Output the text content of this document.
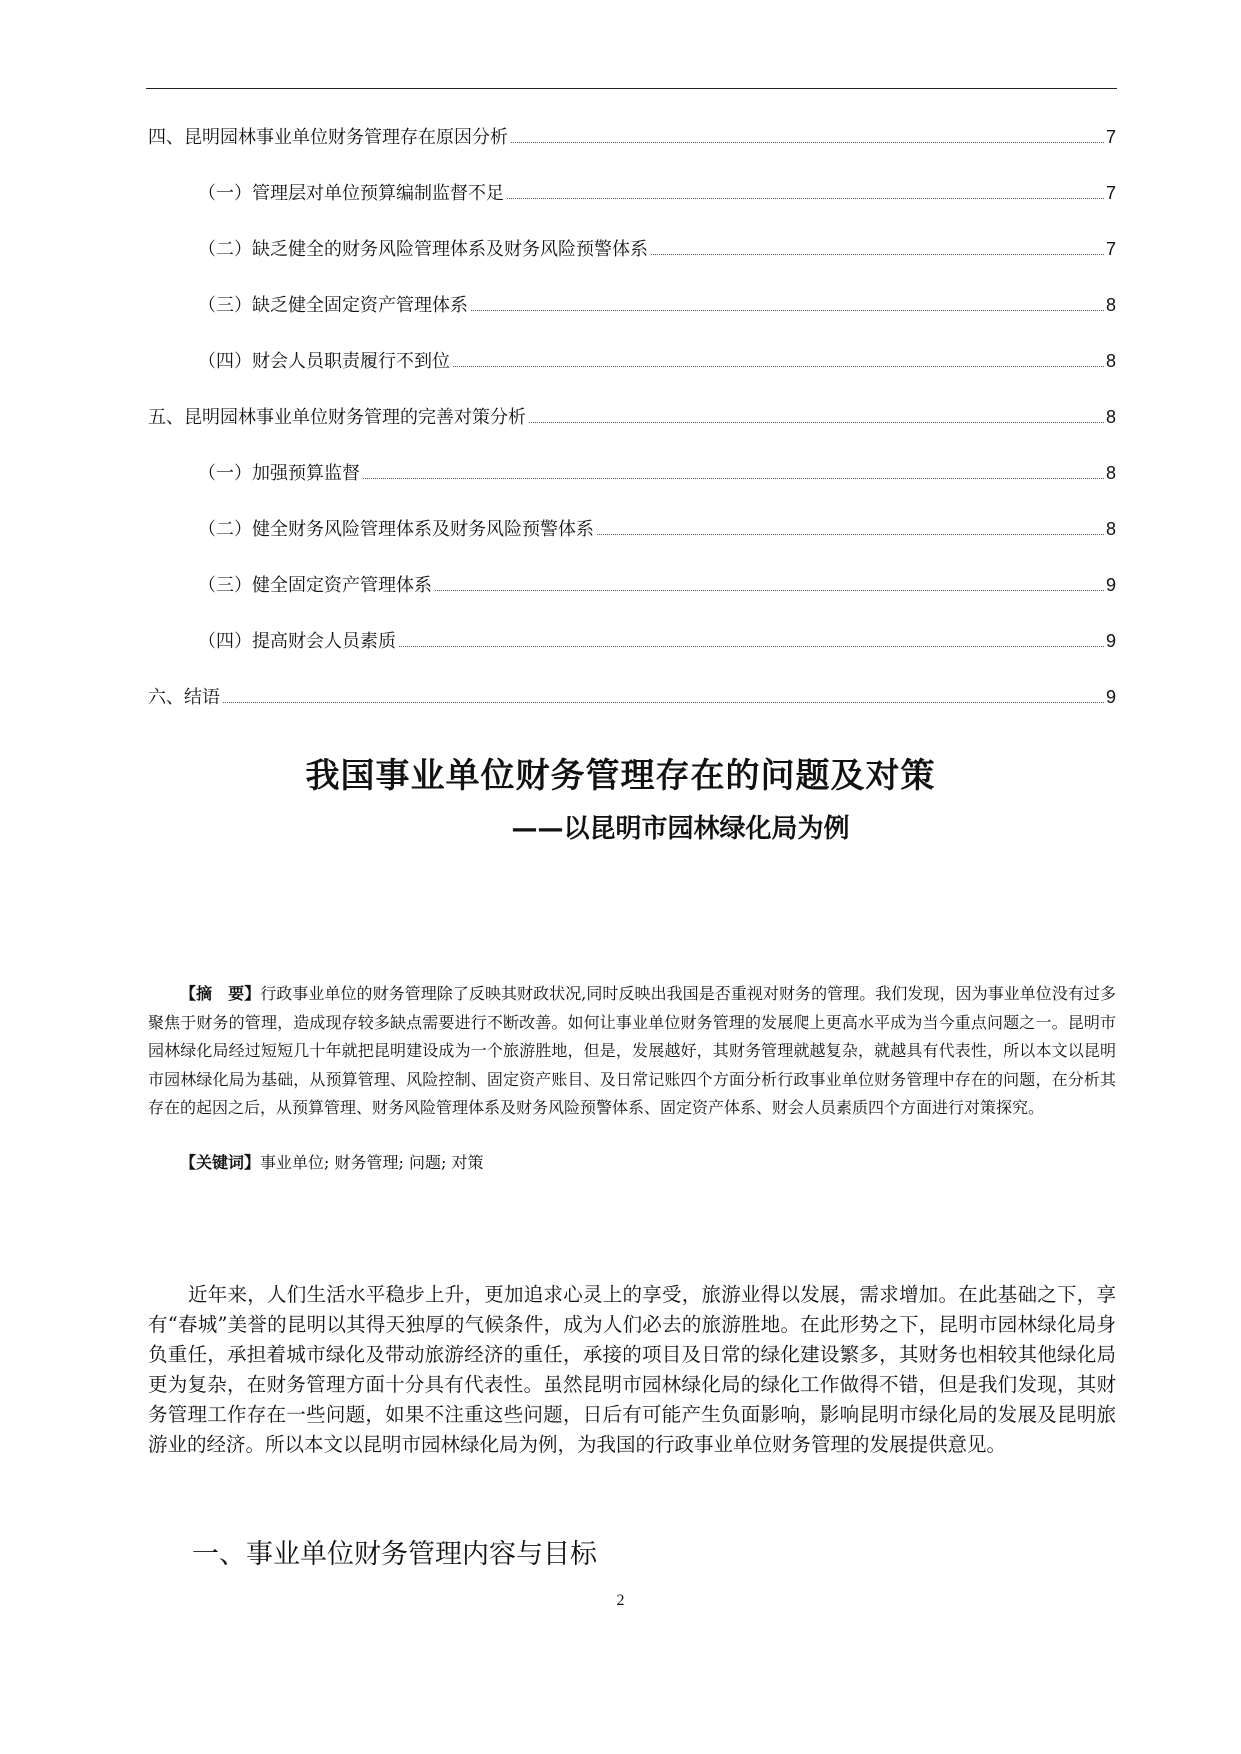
四、昆明园林事业单位财务管理存在原因分析	7
（一）管理层对单位预算编制监督不足	7
（二）缺乏健全的财务风险管理体系及财务风险预警体系	7
（三）缺乏健全固定资产管理体系	8
（四）财会人员职责履行不到位	8
五、昆明园林事业单位财务管理的完善对策分析	8
（一）加强预算监督	8
（二）健全财务风险管理体系及财务风险预警体系	8
（三）健全固定资产管理体系	9
（四）提高财会人员素质	9
六、结语	9
我国事业单位财务管理存在的问题及对策
——以昆明市园林绿化局为例
【摘　要】行政事业单位的财务管理除了反映其财政状况,同时反映出我国是否重视对财务的管理。我们发现，因为事业单位没有过多聚焦于财务的管理，造成现存较多缺点需要进行不断改善。如何让事业单位财务管理的发展爬上更高水平成为当今重点问题之一。昆明市园林绿化局经过短短几十年就把昆明建设成为一个旅游胜地，但是，发展越好，其财务管理就越复杂，就越具有代表性，所以本文以昆明市园林绿化局为基础，从预算管理、风险控制、固定资产账目、及日常记账四个方面分析行政事业单位财务管理中存在的问题，在分析其存在的起因之后，从预算管理、财务风险管理体系及财务风险预警体系、固定资产体系、财会人员素质四个方面进行对策探究。
【关键词】事业单位; 财务管理; 问题; 对策
近年来，人们生活水平稳步上升，更加追求心灵上的享受，旅游业得以发展，需求增加。在此基础之下，享有“春城”美誉的昆明以其得天独厚的气候条件，成为人们必去的旅游胜地。在此形势之下，昆明市园林绿化局身负重任，承担着城市绿化及带动旅游经济的重任，承接的项目及日常的绿化建设繁多，其财务也相较其他绿化局更为复杂，在财务管理方面十分具有代表性。虽然昆明市园林绿化局的绿化工作做得不错，但是我们发现，其财务管理工作存在一些问题，如果不注重这些问题，日后有可能产生负面影响，影响昆明市绿化局的发展及昆明旅游业的经济。所以本文以昆明市园林绿化局为例，为我国的行政事业单位财务管理的发展提供意见。
一、事业单位财务管理内容与目标
2
